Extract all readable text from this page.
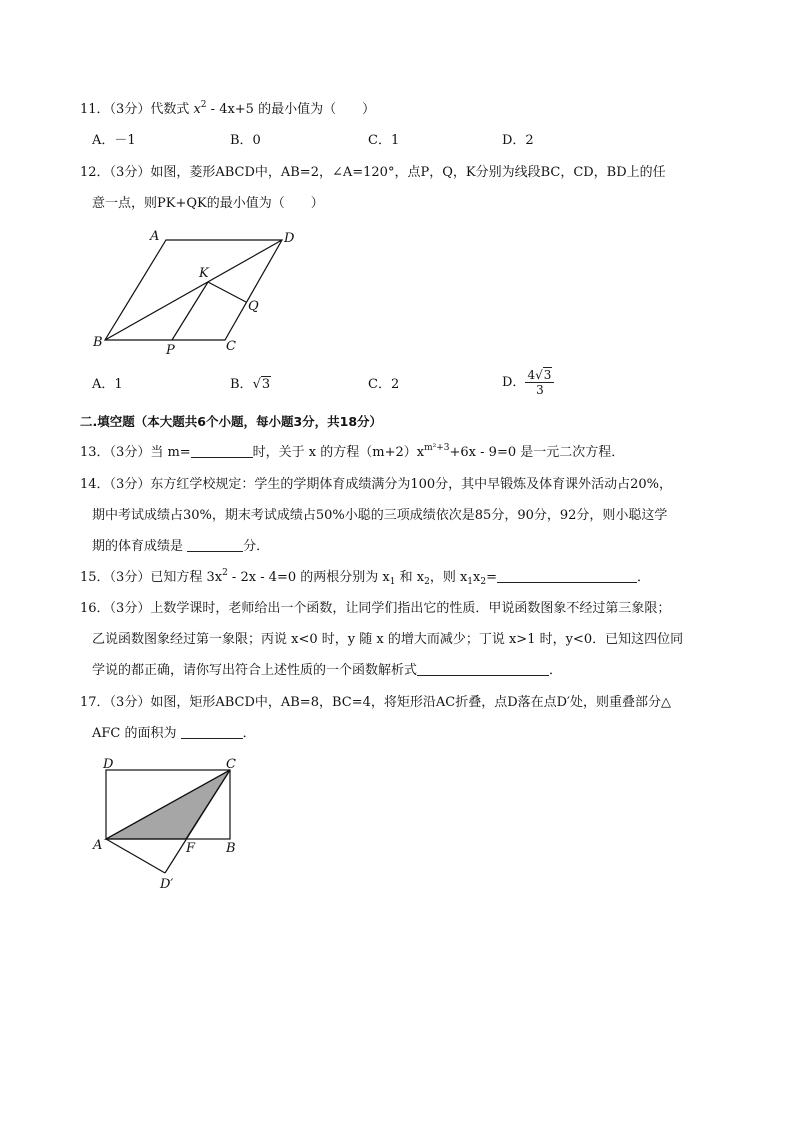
11．（3分）代数式 $x^2 - 4x+5$ 的最小值为（　　）
A．－1	B．0	C．1	D．2
12．（3分）如图，菱形ABCD中，AB=2，∠A=120°，点P，Q，K分别为线段BC，CD，BD上的任
意一点，则PK+QK的最小值为（　　）
A	D
K
Q
B
P	C
A．1	B．√3	C．2	D． $\frac{4√3}{3}$
二.填空题（本大题共6个小题，每小题3分，共18分）
13．（3分）当 m=	时，关于 x 的方程$(m+2)x^{m^2+3}+6x - 9=0$ 是一元二次方程．
14．（3分）东方红学校规定：学生的学期体育成绩满分为100分，其中早锻炼及体育课外活动占20%，
期中考试成绩占30%，期末考试成绩占50%小聪的三项成绩依次是85分，90分，92分，则小聪这学
期的体育成绩是	分．
15．（3分）已知方程 $3x^2 - 2x - 4=0$ 的两根分别为 $x_1$ 和 $x_2$，则 $x_1x_2=$	．
16．（3分）上数学课时，老师给出一个函数，让同学们指出它的性质．甲说函数图象不经过第三象限；
乙说函数图象经过第一象限；丙说 x<0 时，y 随 x 的增大而减少；丁说 x>1 时，y<0．已知这四位同
学说的都正确，请你写出符合上述性质的一个函数解析式	．
17．（3分）如图，矩形ABCD中，AB=8，BC=4，将矩形沿AC折叠，点D落在点D′处，则重叠部分△
AFC 的面积为	．
D	C
A	F B
D′
